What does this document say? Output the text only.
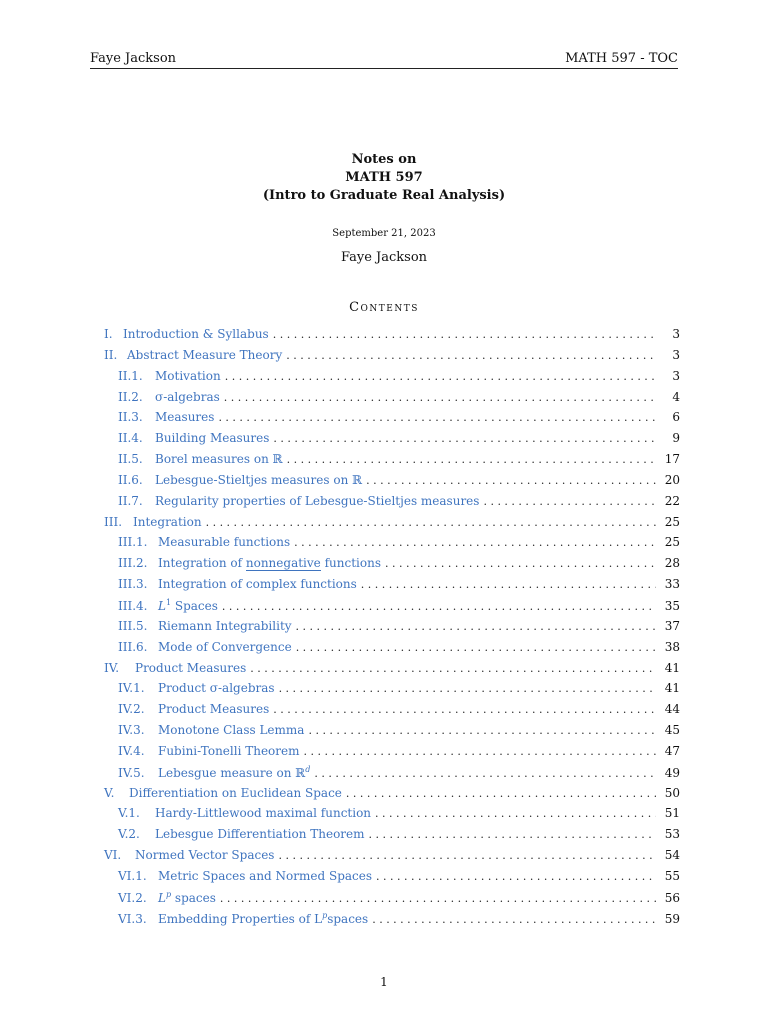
Faye Jackson	MATH 597 - TOC
Notes on
MATH 597
(Intro to Graduate Real Analysis)
September 21, 2023
Faye Jackson
Contents
I. Introduction & Syllabus . . .	3
II. Abstract Measure Theory . . .	3
II.1.	Motivation . . .	3
II.2.	σ-algebras . . .	4
II.3.	Measures . . .	6
II.4.	Building Measures . . .	9
II.5.	Borel measures on ℝ . . .	17
II.6.	Lebesgue-Stieltjes measures on ℝ . . .	20
II.7.	Regularity properties of Lebesgue-Stieltjes measures . . .	22
III. Integration . . .	25
III.1. Measurable functions . . .	25
III.2. Integration of nonnegative functions . . .	28
III.3. Integration of complex functions . . .	33
III.4. $L^1$ Spaces . . .	35
III.5. Riemann Integrability . . .	37
III.6. Mode of Convergence . . .	38
IV.	Product Measures . . .	41
IV.1.	Product σ-algebras . . .	41
IV.2.	Product Measures . . .	44
IV.3.	Monotone Class Lemma . . .	45
IV.4.	Fubini-Tonelli Theorem . . .	47
IV.5.	Lebesgue measure on ℝ$^d$ . . .	49
V.	Differentiation on Euclidean Space . . .	50
V.1.	Hardy-Littlewood maximal function . . .	51
V.2.	Lebesgue Differentiation Theorem . . .	53
VI.	Normed Vector Spaces . . .	54
VI.1. Metric Spaces and Normed Spaces . . .	55
VI.2. $L^p$ spaces . . .	56
VI.3. Embedding Properties of $L^pspaces$ . . .	59
1
